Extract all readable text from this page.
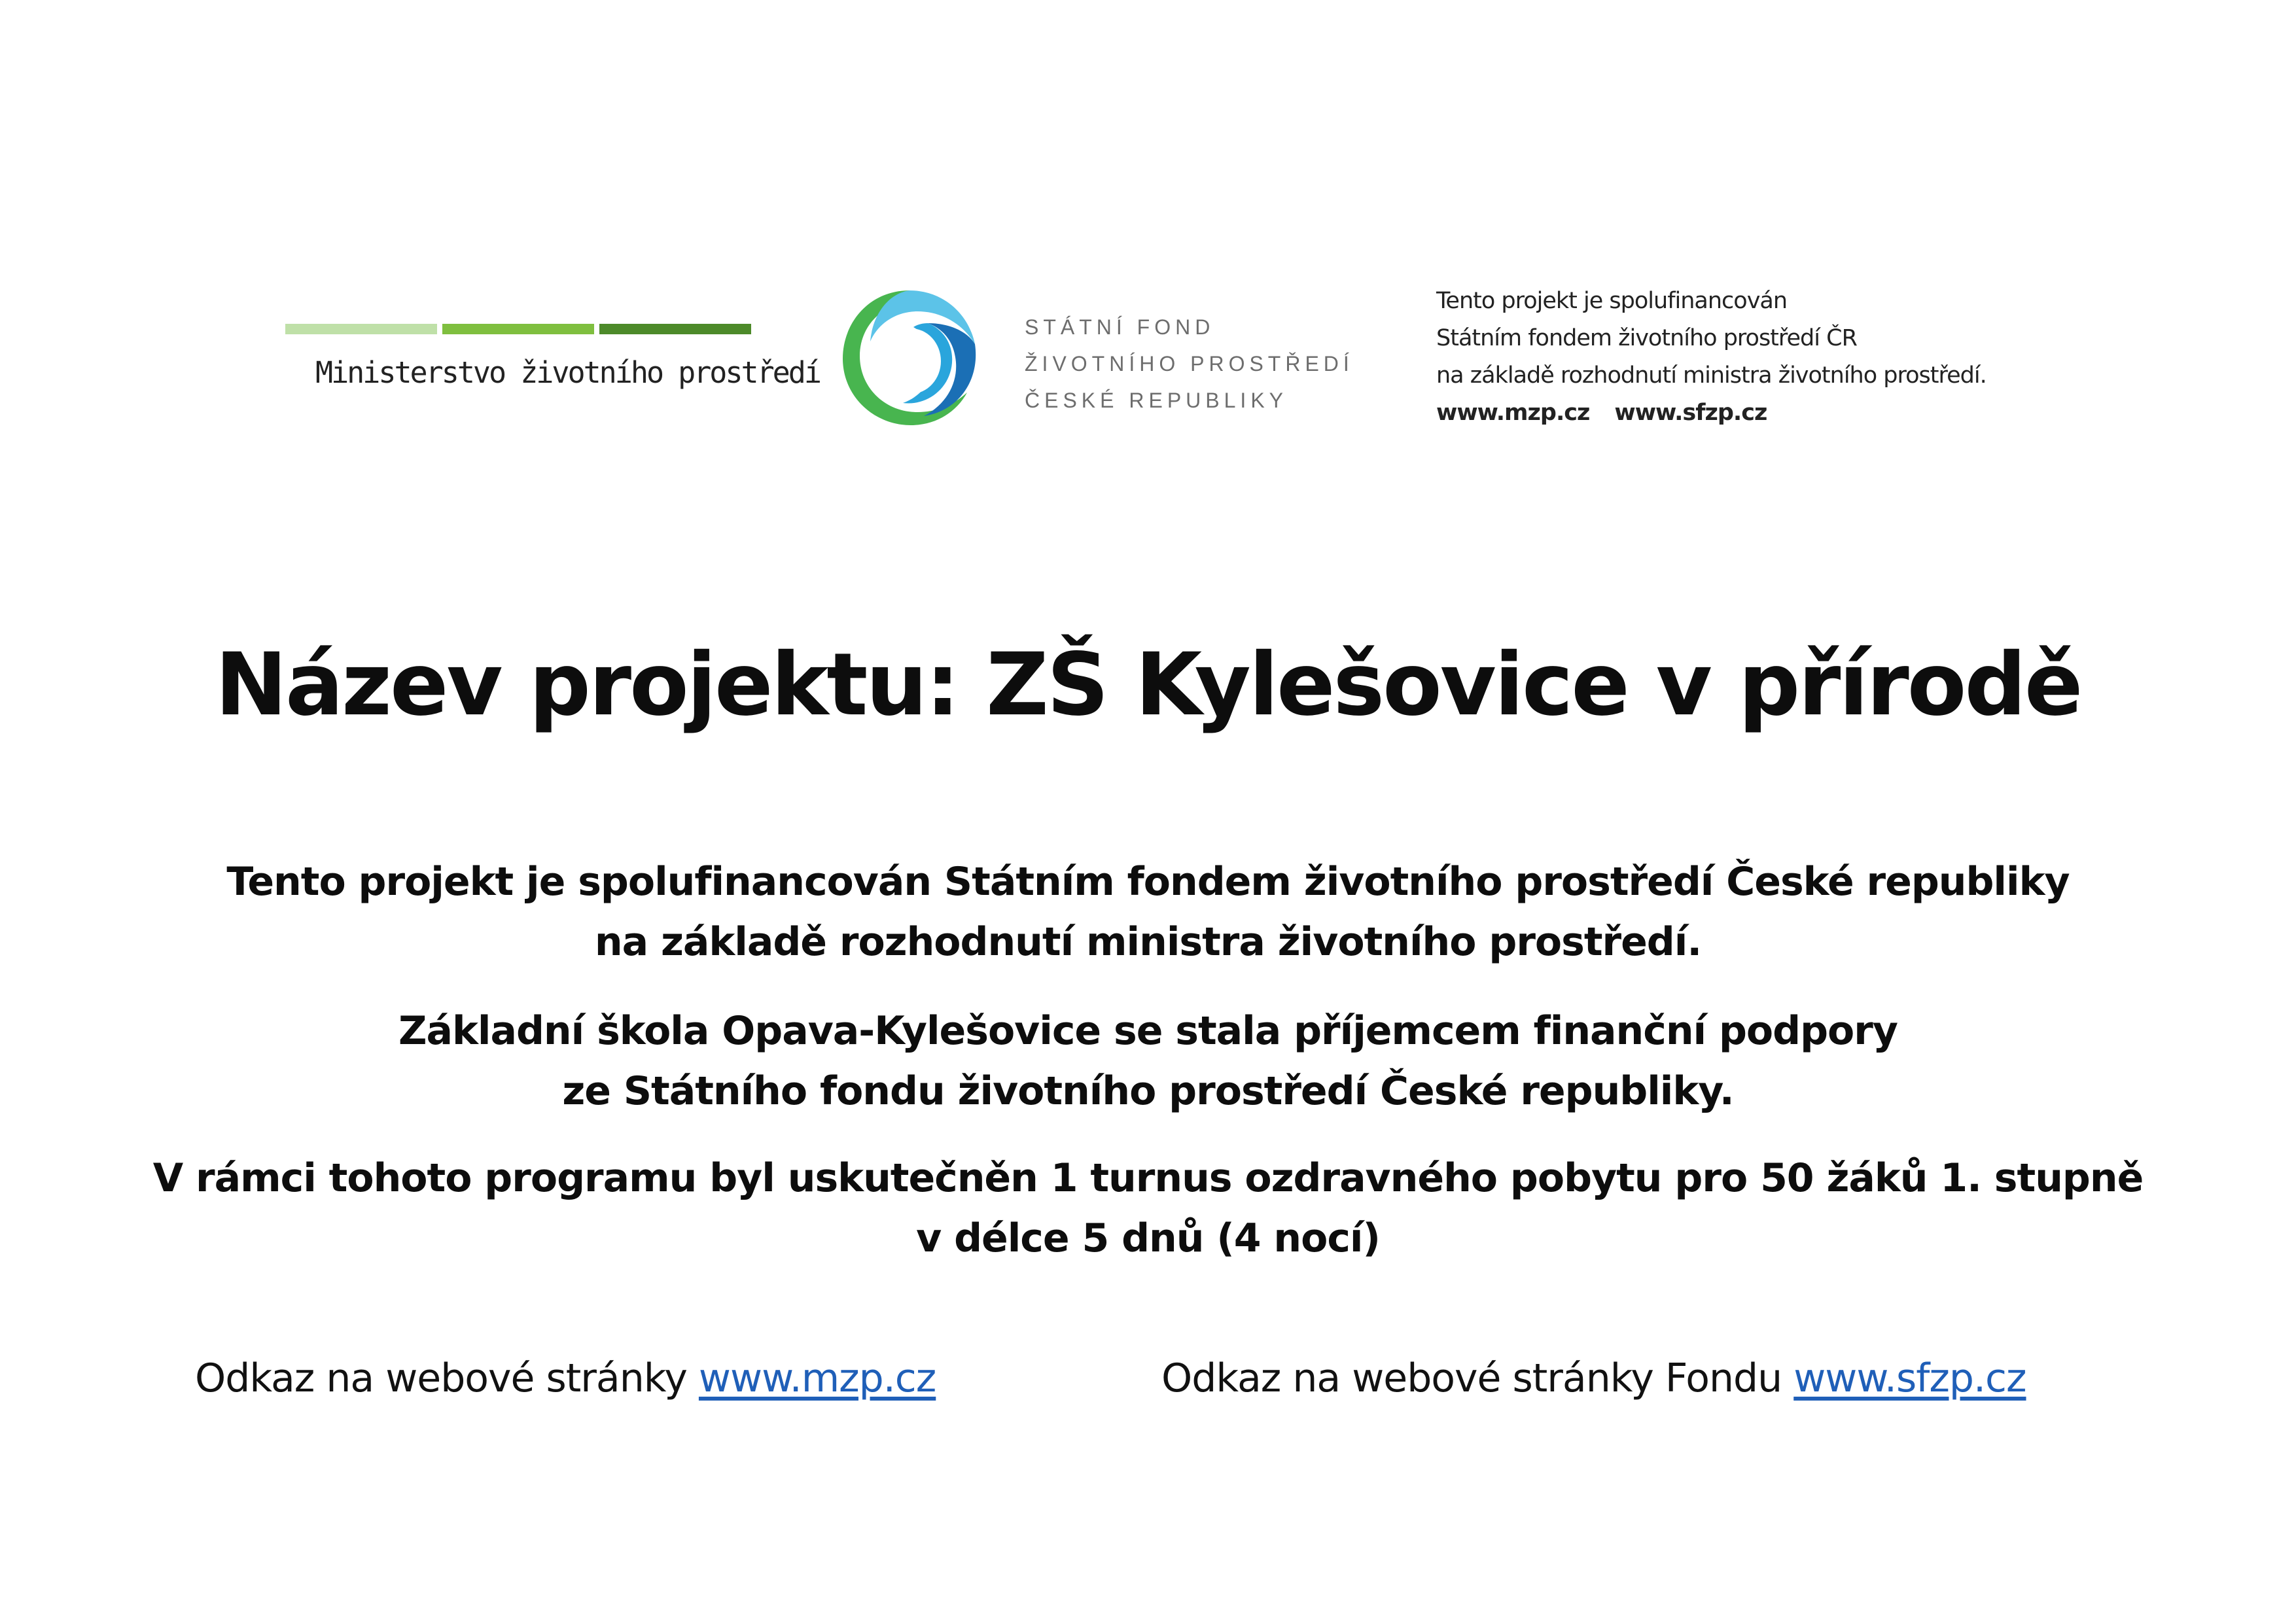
Ministerstvo životního prostředí
STÁTNÍ FOND
ŽIVOTNÍHO PROSTŘEDÍ
ČESKÉ REPUBLIKY
Tento projekt je spolufinancován
Státním fondem životního prostředí ČR
na základě rozhodnutí ministra životního prostředí.
www.mzp.cz www.sfzp.cz
Název projektu: ZŠ Kylešovice v přírodě
Tento projekt je spolufinancován Státním fondem životního prostředí České republiky
na základě rozhodnutí ministra životního prostředí.
Základní škola Opava-Kylešovice se stala příjemcem finanční podpory
ze Státního fondu životního prostředí České republiky.
V rámci tohoto programu byl uskutečněn 1 turnus ozdravného pobytu pro 50 žáků 1. stupně
v délce 5 dnů (4 nocí)
Odkaz na webové stránky www.mzp.cz	Odkaz na webové stránky Fondu www.sfzp.cz
